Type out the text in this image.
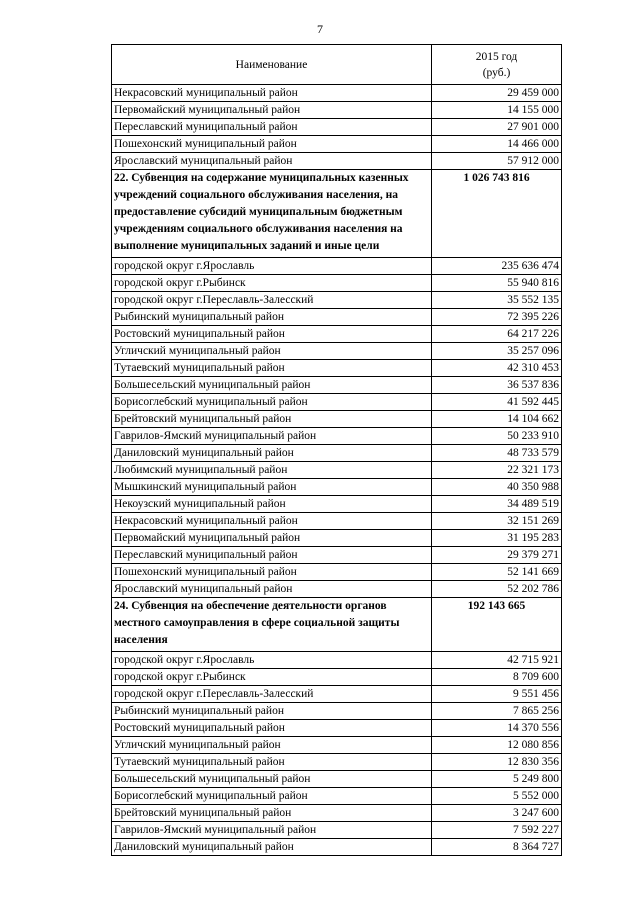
7
Наименование	2015 год
(руб.)

Некрасовский муниципальный район	29 459 000
Первомайский муниципальный район	14 155 000
Переславский муниципальный район	27 901 000
Пошехонский муниципальный район	14 466 000
Ярославский муниципальный район	57 912 000
22. Субвенция на содержание муниципальных казенных учреждений социального обслуживания населения, на предоставление субсидий муниципальным бюджетным учреждениям социального обслуживания населения на выполнение муниципальных заданий и иные цели	1 026 743 816
городской округ г.Ярославль	235 636 474
городской округ г.Рыбинск	55 940 816
городской округ г.Переславль-Залесский	35 552 135
Рыбинский муниципальный район	72 395 226
Ростовский муниципальный район	64 217 226
Угличский муниципальный район	35 257 096
Тутаевский муниципальный район	42 310 453
Большесельский муниципальный район	36 537 836
Борисоглебский муниципальный район	41 592 445
Брейтовский муниципальный район	14 104 662
Гаврилов-Ямский муниципальный район	50 233 910
Даниловский муниципальный район	48 733 579
Любимский муниципальный район	22 321 173
Мышкинский муниципальный район	40 350 988
Некоузский муниципальный район	34 489 519
Некрасовский муниципальный район	32 151 269
Первомайский муниципальный район	31 195 283
Переславский муниципальный район	29 379 271
Пошехонский муниципальный район	52 141 669
Ярославский муниципальный район	52 202 786
24. Субвенция на обеспечение деятельности органов местного самоуправления в сфере социальной защиты населения	192 143 665
городской округ г.Ярославль	42 715 921
городской округ г.Рыбинск	8 709 600
городской округ г.Переславль-Залесский	9 551 456
Рыбинский муниципальный район	7 865 256
Ростовский муниципальный район	14 370 556
Угличский муниципальный район	12 080 856
Тутаевский муниципальный район	12 830 356
Большесельский муниципальный район	5 249 800
Борисоглебский муниципальный район	5 552 000
Брейтовский муниципальный район	3 247 600
Гаврилов-Ямский муниципальный район	7 592 227
Даниловский муниципальный район	8 364 727
